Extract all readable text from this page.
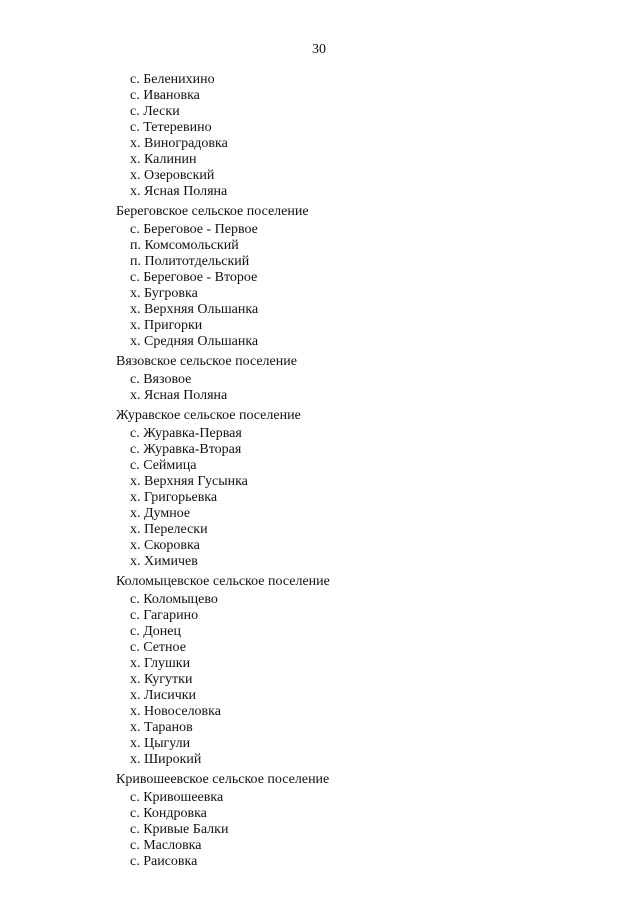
30
с. Беленихино
с. Ивановка
с. Лески
с. Тетеревино
х. Виноградовка
х. Калинин
х. Озеровский
х. Ясная Поляна
Береговское сельское поселение
с. Береговое - Первое
п. Комсомольский
п. Политотдельский
с. Береговое - Второе
х. Бугровка
х. Верхняя Ольшанка
х. Пригорки
х. Средняя Ольшанка
Вязовское сельское поселение
с. Вязовое
х. Ясная Поляна
Журавское сельское поселение
с. Журавка-Первая
с. Журавка-Вторая
с. Сеймица
х. Верхняя Гусынка
х. Григорьевка
х. Думное
х. Перелески
х. Скоровка
х. Химичев
Коломыцевское сельское поселение
с. Коломыцево
с. Гагарино
с. Донец
с. Сетное
х. Глушки
х. Кугутки
х. Лисички
х. Новоселовка
х. Таранов
х. Цыгули
х. Широкий
Кривошеевское сельское поселение
с. Кривошеевка
с. Кондровка
с. Кривые Балки
с. Масловка
с. Раисовка
